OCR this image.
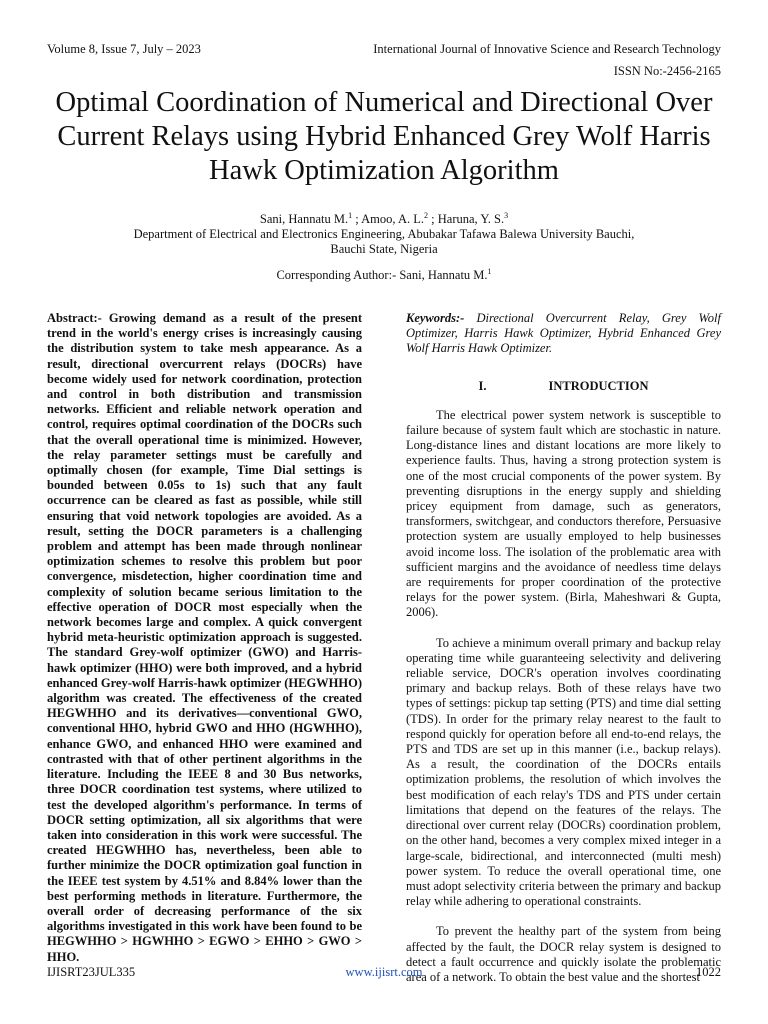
Volume 8, Issue 7, July – 2023	International Journal of Innovative Science and Research Technology
ISSN No:-2456-2165
Optimal Coordination of Numerical and Directional Over Current Relays using Hybrid Enhanced Grey Wolf Harris Hawk Optimization Algorithm
Sani, Hannatu M.$^1$ ; Amoo, A. L.$^2$ ; Haruna, Y. S.$^3$
Department of Electrical and Electronics Engineering, Abubakar Tafawa Balewa University Bauchi,
Bauchi State, Nigeria
Corresponding Author:- Sani, Hannatu M.$^1$

Abstract:- Growing demand as a result of the present trend in the world's energy crises is increasingly causing the distribution system to take mesh appearance. As a result, directional overcurrent relays (DOCRs) have become widely used for network coordination, protection and control in both distribution and transmission networks. Efficient and reliable network operation and control, requires optimal coordination of the DOCRs such that the overall operational time is minimized. However, the relay parameter settings must be carefully and optimally chosen (for example, Time Dial settings is bounded between 0.05s to 1s) such that any fault occurrence can be cleared as fast as possible, while still ensuring that void network topologies are avoided. As a result, setting the DOCR parameters is a challenging problem and attempt has been made through nonlinear optimization schemes to resolve this problem but poor convergence, misdetection, higher coordination time and complexity of solution became serious limitation to the effective operation of DOCR most especially when the network becomes large and complex. A quick convergent hybrid meta-heuristic optimization approach is suggested. The standard Grey-wolf optimizer (GWO) and Harris-hawk optimizer (HHO) were both improved, and a hybrid enhanced Grey-wolf Harris-hawk optimizer (HEGWHHO) algorithm was created. The effectiveness of the created HEGWHHO and its derivatives—conventional GWO, conventional HHO, hybrid GWO and HHO (HGWHHO), enhance GWO, and enhanced HHO were examined and contrasted with that of other pertinent algorithms in the literature. Including the IEEE 8 and 30 Bus networks, three DOCR coordination test systems, where utilized to test the developed algorithm's performance. In terms of DOCR setting optimization, all six algorithms that were taken into consideration in this work were successful. The created HEGWHHO has, nevertheless, been able to further minimize the DOCR optimization goal function in the IEEE test system by 4.51% and 8.84% lower than the best performing methods in literature. Furthermore, the overall order of decreasing performance of the six algorithms investigated in this work have been found to be HEGWHHO > HGWHHO > EGWO > EHHO > GWO > HHO.

Keywords:- Directional Overcurrent Relay, Grey Wolf Optimizer, Harris Hawk Optimizer, Hybrid Enhanced Grey Wolf Harris Hawk Optimizer.

I.	INTRODUCTION

The electrical power system network is susceptible to failure because of system fault which are stochastic in nature. Long-distance lines and distant locations are more likely to experience faults. Thus, having a strong protection system is one of the most crucial components of the power system. By preventing disruptions in the energy supply and shielding pricey equipment from damage, such as generators, transformers, switchgear, and conductors therefore, Persuasive protection system are usually employed to help businesses avoid income loss. The isolation of the problematic area with sufficient margins and the avoidance of needless time delays are requirements for proper coordination of the protective relays for the power system. (Birla, Maheshwari & Gupta, 2006).

To achieve a minimum overall primary and backup relay operating time while guaranteeing selectivity and delivering reliable service, DOCR's operation involves coordinating primary and backup relays. Both of these relays have two types of settings: pickup tap setting (PTS) and time dial setting (TDS). In order for the primary relay nearest to the fault to respond quickly for operation before all end-to-end relays, the PTS and TDS are set up in this manner (i.e., backup relays). As a result, the coordination of the DOCRs entails optimization problems, the resolution of which involves the best modification of each relay's TDS and PTS under certain limitations that depend on the features of the relays. The directional over current relay (DOCRs) coordination problem, on the other hand, becomes a very complex mixed integer in a large-scale, bidirectional, and interconnected (multi mesh) power system. To reduce the overall operational time, one must adopt selectivity criteria between the primary and backup relay while adhering to operational constraints.

To prevent the healthy part of the system from being affected by the fault, the DOCR relay system is designed to detect a fault occurrence and quickly isolate the problematic area of a network. To obtain the best value and the shortest

IJISRT23JUL335	www.ijisrt.com	1022
